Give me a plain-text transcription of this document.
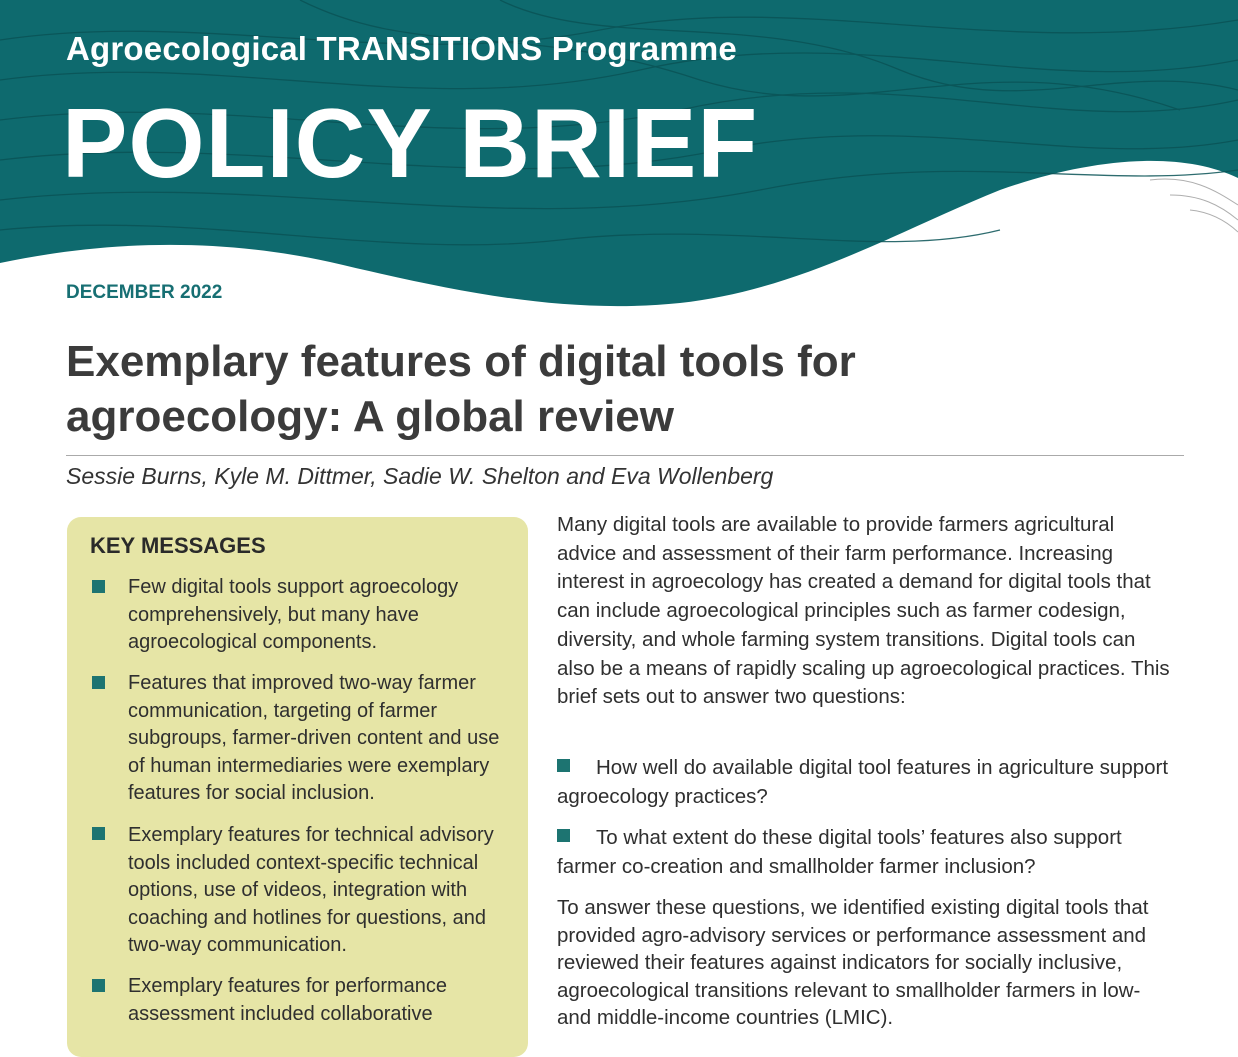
Agroecological TRANSITIONS Programme
POLICY BRIEF
DECEMBER 2022
Exemplary features of digital tools for
agroecology: A global review
Sessie Burns, Kyle M. Dittmer, Sadie W. Shelton and Eva Wollenberg
KEY MESSAGES
Few digital tools support agroecology comprehensively, but many have agroecological components.
Features that improved two-way farmer communication, targeting of farmer subgroups, farmer-driven content and use of human intermediaries were exemplary features for social inclusion.
Exemplary features for technical advisory tools included context-specific technical options, use of videos, integration with coaching and hotlines for questions, and two-way communication.
Exemplary features for performance assessment included collaborative

Many digital tools are available to provide farmers agricultural advice and assessment of their farm performance. Increasing interest in agroecology has created a demand for digital tools that can include agroecological principles such as farmer codesign, diversity, and whole farming system transitions. Digital tools can also be a means of rapidly scaling up agroecological practices. This brief sets out to answer two questions:

How well do available digital tool features in agriculture support agroecology practices?

To what extent do these digital tools’ features also support farmer co-creation and smallholder farmer inclusion?

To answer these questions, we identified existing digital tools that provided agro-advisory services or performance assessment and reviewed their features against indicators for socially inclusive, agroecological transitions relevant to smallholder farmers in low- and middle-income countries (LMIC).
